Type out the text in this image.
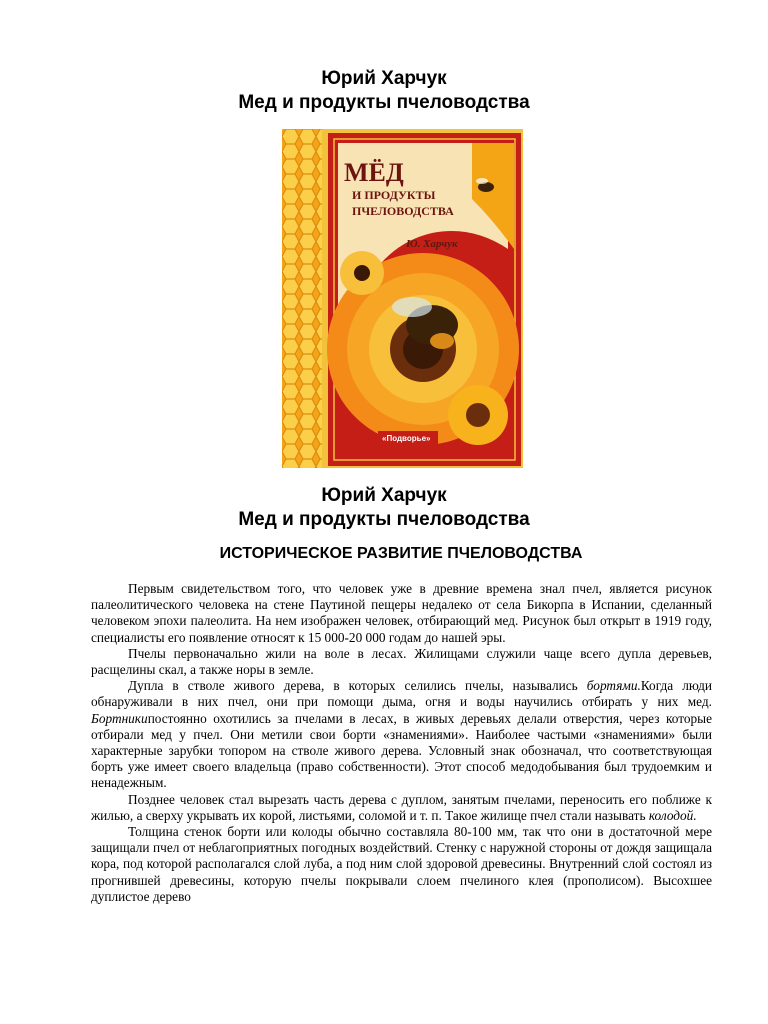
Юрий Харчук
Мед и продукты пчеловодства
МЁД
И ПРОДУКТЫ
ПЧЕЛОВОДСТВА
Ю. Харчук
«Подворье»
Юрий Харчук
Мед и продукты пчеловодства
ИСТОРИЧЕСКОЕ РАЗВИТИЕ ПЧЕЛОВОДСТВА

Первым свидетельством того, что человек уже в древние времена знал пчел, является рисунок палеолитического человека на стене Паутиной пещеры недалеко от села Бикорпа в Испании, сделанный человеком эпохи палеолита. На нем изображен человек, отбирающий мед. Рисунок был открыт в 1919 году, специалисты его появление относят к 15 000-20 000 годам до нашей эры.

Пчелы первоначально жили на воле в лесах. Жилищами служили чаще всего дупла деревьев, расщелины скал, а также норы в земле.

Дупла в стволе живого дерева, в которых селились пчелы, назывались бортями.Когда люди обнаруживали в них пчел, они при помощи дыма, огня и воды научились отбирать у них мед. Бортникипостоянно охотились за пчелами в лесах, в живых деревьях делали отверстия, через которые отбирали мед у пчел. Они метили свои борти «знамениями». Наиболее частыми «знамениями» были характерные зарубки топором на стволе живого дерева. Условный знак обозначал, что соответствующая борть уже имеет своего владельца (право собственности). Этот способ медодобывания был трудоемким и ненадежным.

Позднее человек стал вырезать часть дерева с дуплом, занятым пчелами, переносить его поближе к жилью, а сверху укрывать их корой, листьями, соломой и т. п. Такое жилище пчел стали называть колодой.

Толщина стенок борти или колоды обычно составляла 80-100 мм, так что они в достаточной мере защищали пчел от неблагоприятных погодных воздействий. Стенку с наружной стороны от дождя защищала кора, под которой располагался слой луба, а под ним слой здоровой древесины. Внутренний слой состоял из прогнившей древесины, которую пчелы покрывали слоем пчелиного клея (прополисом). Высохшее дуплистое дерево
